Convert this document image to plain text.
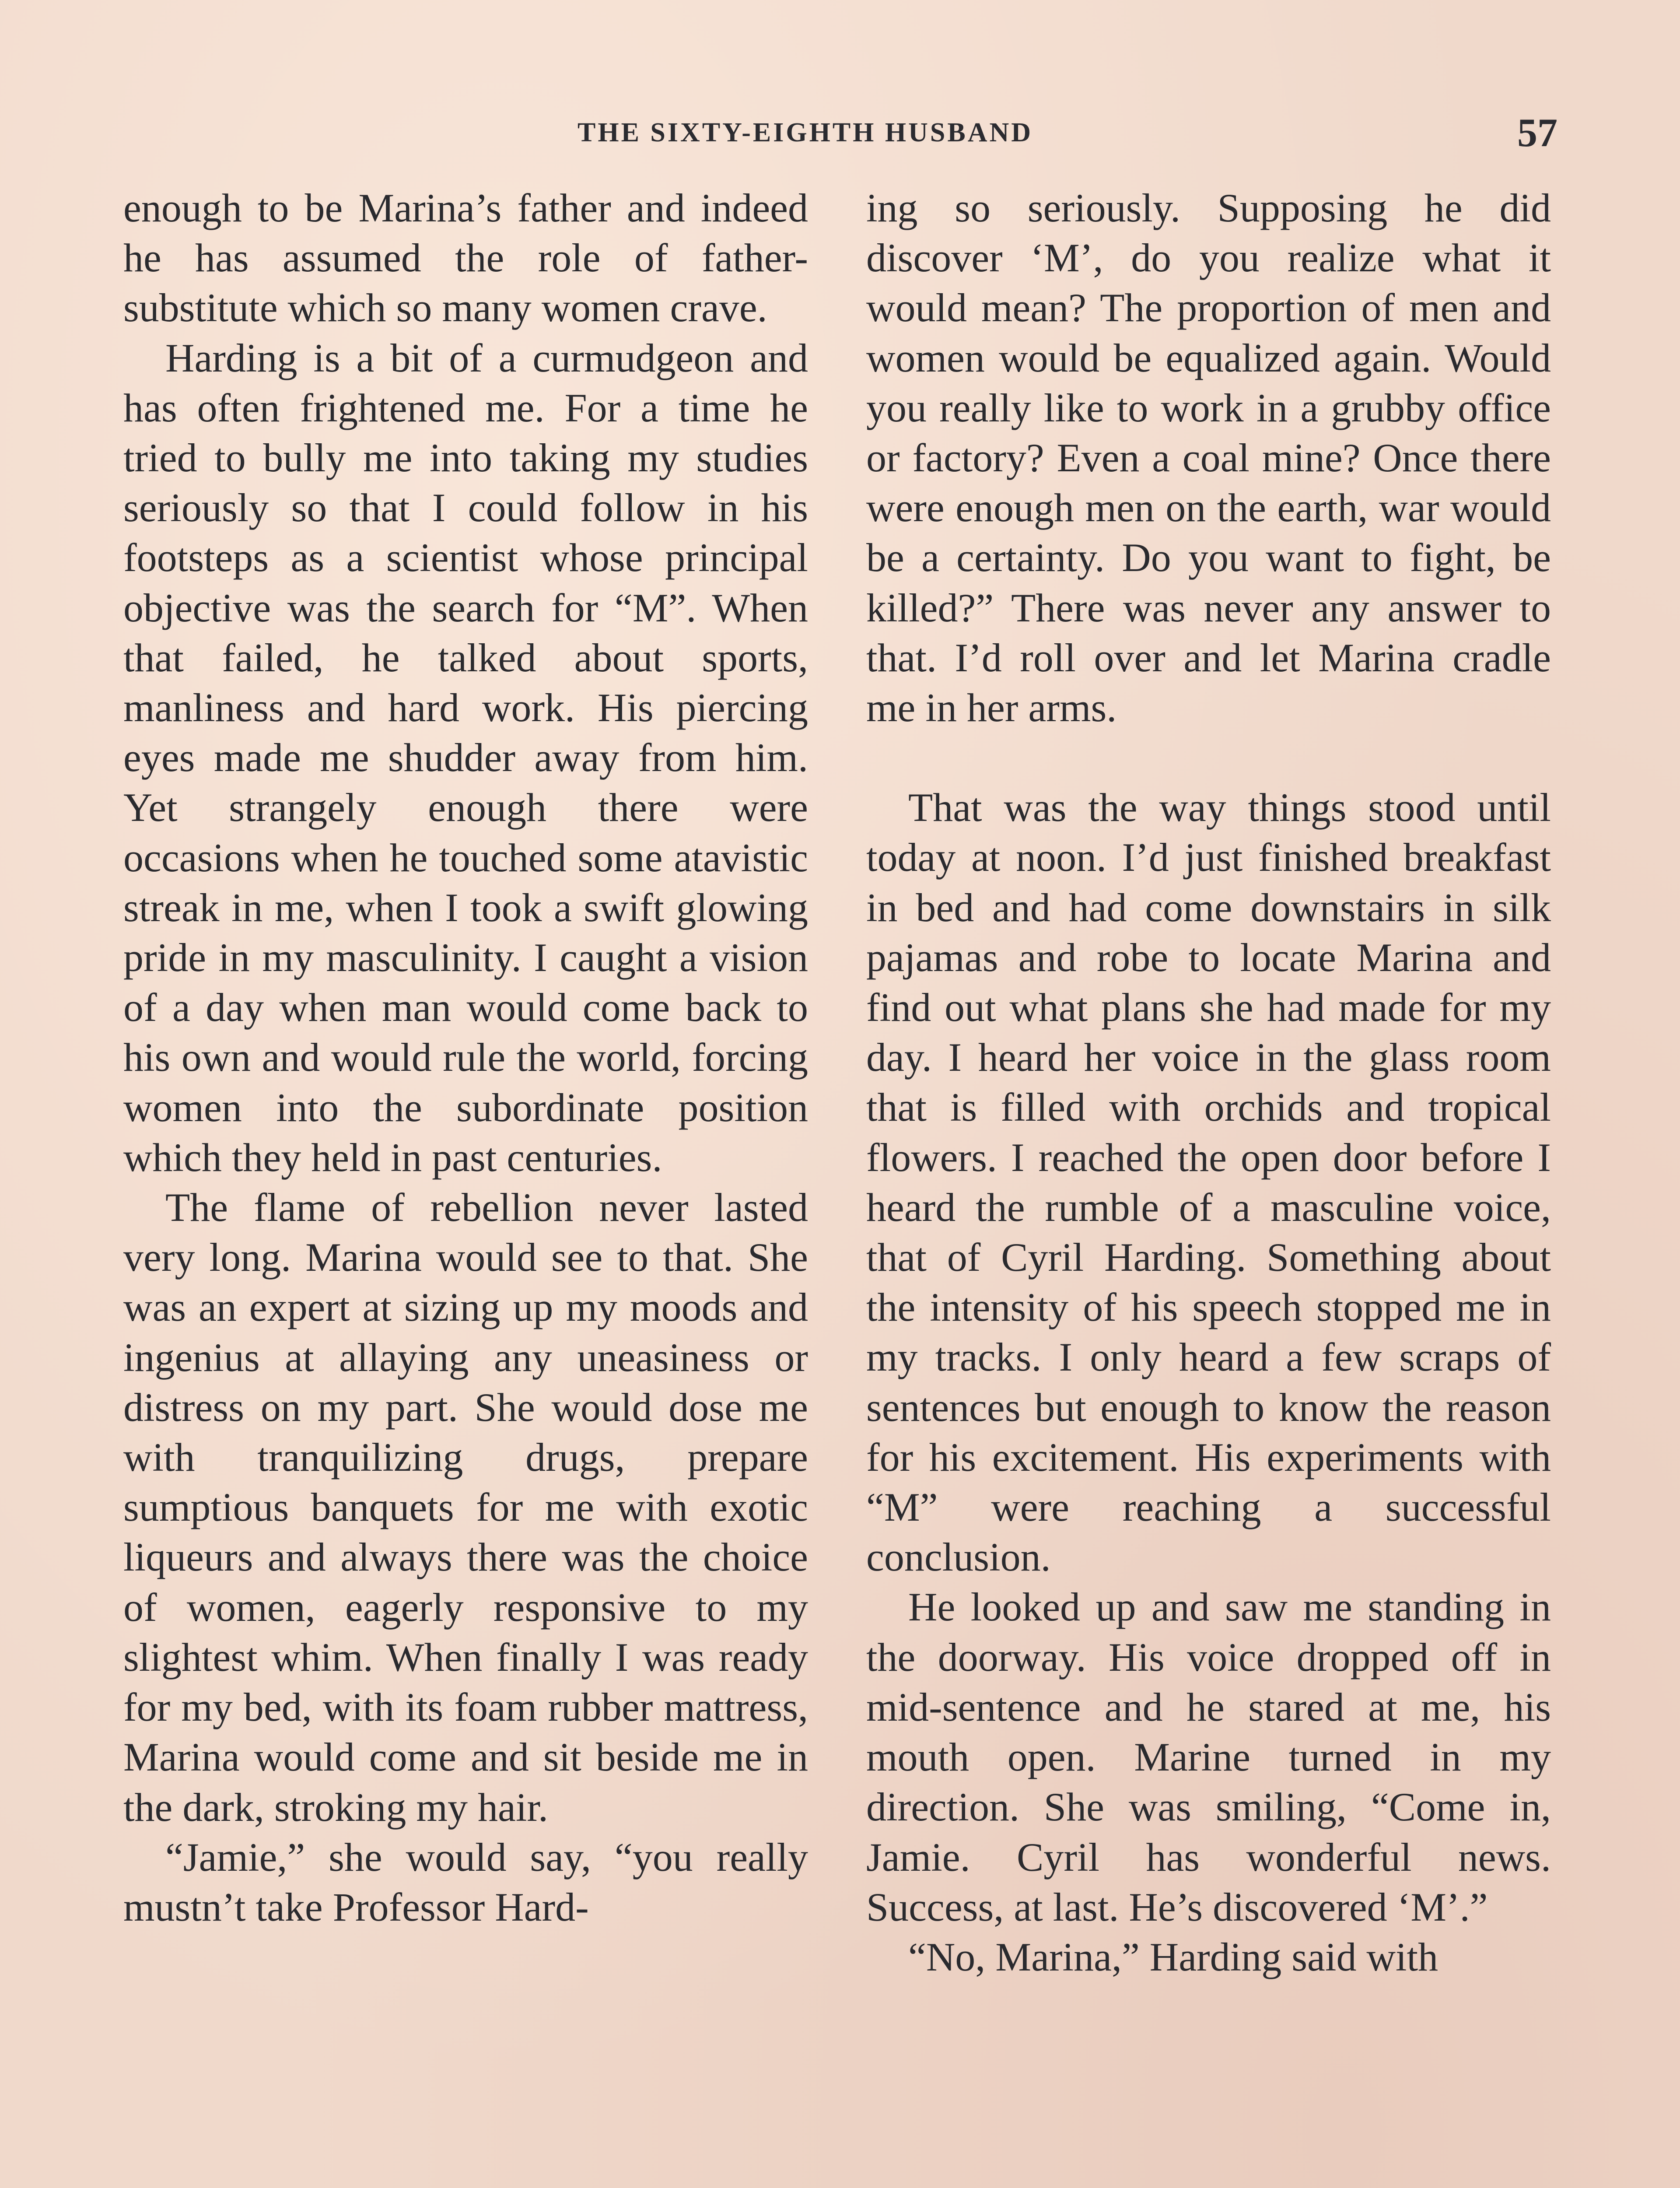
THE SIXTY-EIGHTH HUSBAND	57

enough to be Marina’s father and indeed he has assumed the role of father-substitute which so many women crave.

Harding is a bit of a curmudgeon and has often frightened me. For a time he tried to bully me into taking my studies seriously so that I could follow in his footsteps as a scientist whose principal objective was the search for “M”. When that failed, he talked about sports, manliness and hard work. His piercing eyes made me shudder away from him. Yet strangely enough there were occasions when he touched some atavistic streak in me, when I took a swift glowing pride in my masculinity. I caught a vision of a day when man would come back to his own and would rule the world, forcing women into the subordinate position which they held in past centuries.

The flame of rebellion never lasted very long. Marina would see to that. She was an expert at sizing up my moods and ingenius at allaying any uneasiness or distress on my part. She would dose me with tranquilizing drugs, prepare sumptious banquets for me with exotic liqueurs and always there was the choice of women, eagerly responsive to my slightest whim. When finally I was ready for my bed, with its foam rubber mattress, Marina would come and sit beside me in the dark, stroking my hair.

“Jamie,” she would say, “you really mustn’t take Professor Hard-

ing so seriously. Supposing he did discover ‘M’, do you realize what it would mean? The proportion of men and women would be equalized again. Would you really like to work in a grubby office or factory? Even a coal mine? Once there were enough men on the earth, war would be a certainty. Do you want to fight, be killed?” There was never any answer to that. I’d roll over and let Marina cradle me in her arms.

That was the way things stood until today at noon. I’d just finished breakfast in bed and had come downstairs in silk pajamas and robe to locate Marina and find out what plans she had made for my day. I heard her voice in the glass room that is filled with orchids and tropical flowers. I reached the open door before I heard the rumble of a masculine voice, that of Cyril Harding. Something about the intensity of his speech stopped me in my tracks. I only heard a few scraps of sentences but enough to know the reason for his excitement. His experiments with “M” were reaching a successful conclusion.

He looked up and saw me standing in the doorway. His voice dropped off in mid-sentence and he stared at me, his mouth open. Marine turned in my direction. She was smiling, “Come in, Jamie. Cyril has wonderful news. Success, at last. He’s discovered ‘M’.”

“No, Marina,” Harding said with
